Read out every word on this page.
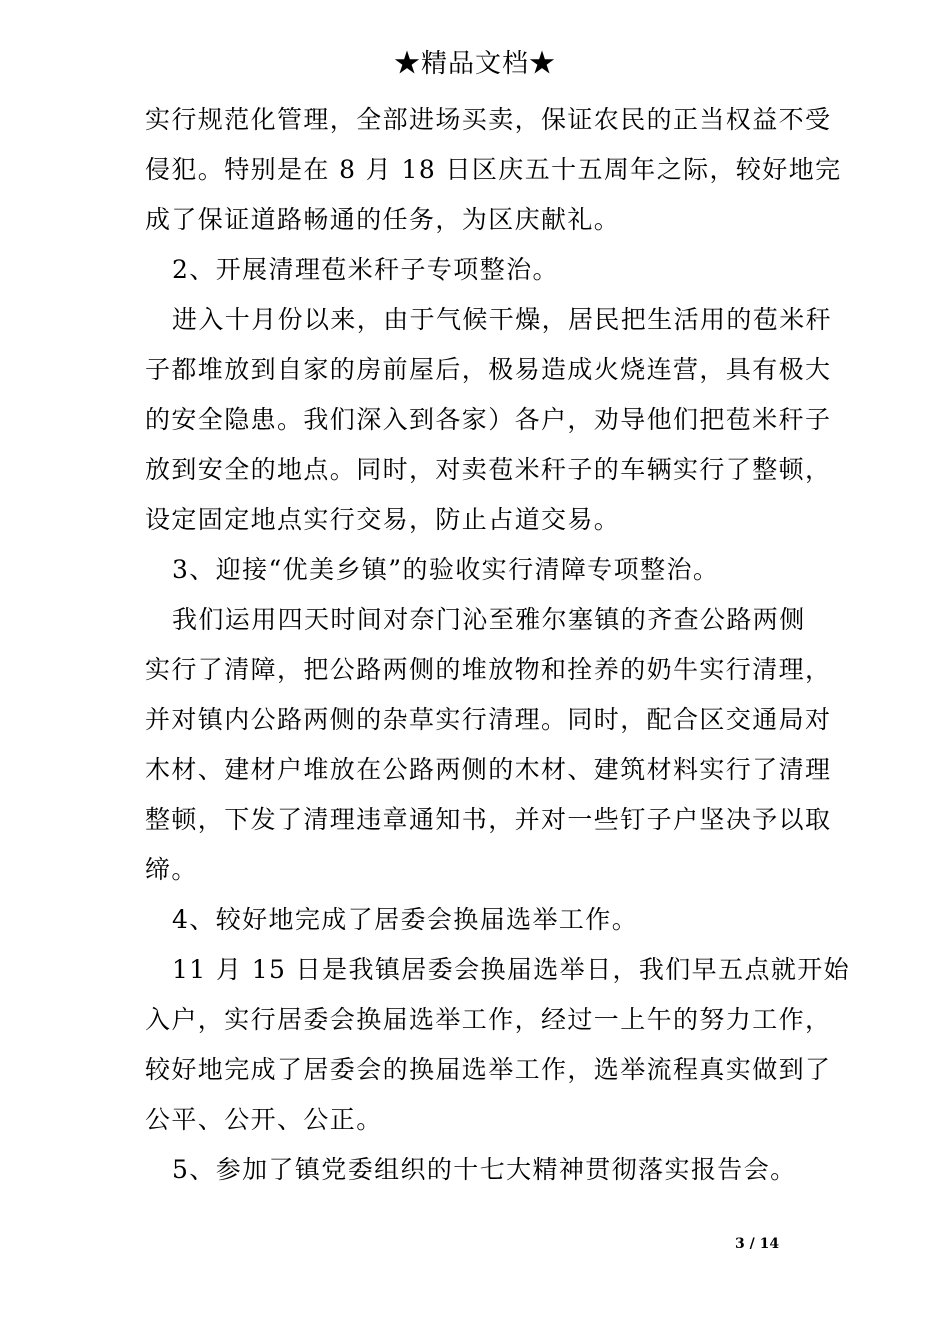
★精品文档★
实行规范化管理，全部进场买卖，保证农民的正当权益不受
侵犯。特别是在 8 月 18 日区庆五十五周年之际，较好地完
成了保证道路畅通的任务，为区庆献礼。
2、开展清理苞米秆子专项整治。
进入十月份以来，由于气候干燥，居民把生活用的苞米秆
子都堆放到自家的房前屋后，极易造成火烧连营，具有极大
的安全隐患。我们深入到各家）各户，劝导他们把苞米秆子
放到安全的地点。同时，对卖苞米秆子的车辆实行了整顿，
设定固定地点实行交易，防止占道交易。
3、迎接“优美乡镇”的验收实行清障专项整治。
我们运用四天时间对奈门沁至雅尔塞镇的齐查公路两侧
实行了清障，把公路两侧的堆放物和拴养的奶牛实行清理，
并对镇内公路两侧的杂草实行清理。同时，配合区交通局对
木材、建材户堆放在公路两侧的木材、建筑材料实行了清理
整顿，下发了清理违章通知书，并对一些钉子户坚决予以取
缔。
4、较好地完成了居委会换届选举工作。
11 月 15 日是我镇居委会换届选举日，我们早五点就开始
入户，实行居委会换届选举工作，经过一上午的努力工作，
较好地完成了居委会的换届选举工作，选举流程真实做到了
公平、公开、公正。
5、参加了镇党委组织的十七大精神贯彻落实报告会。
3 / 14
